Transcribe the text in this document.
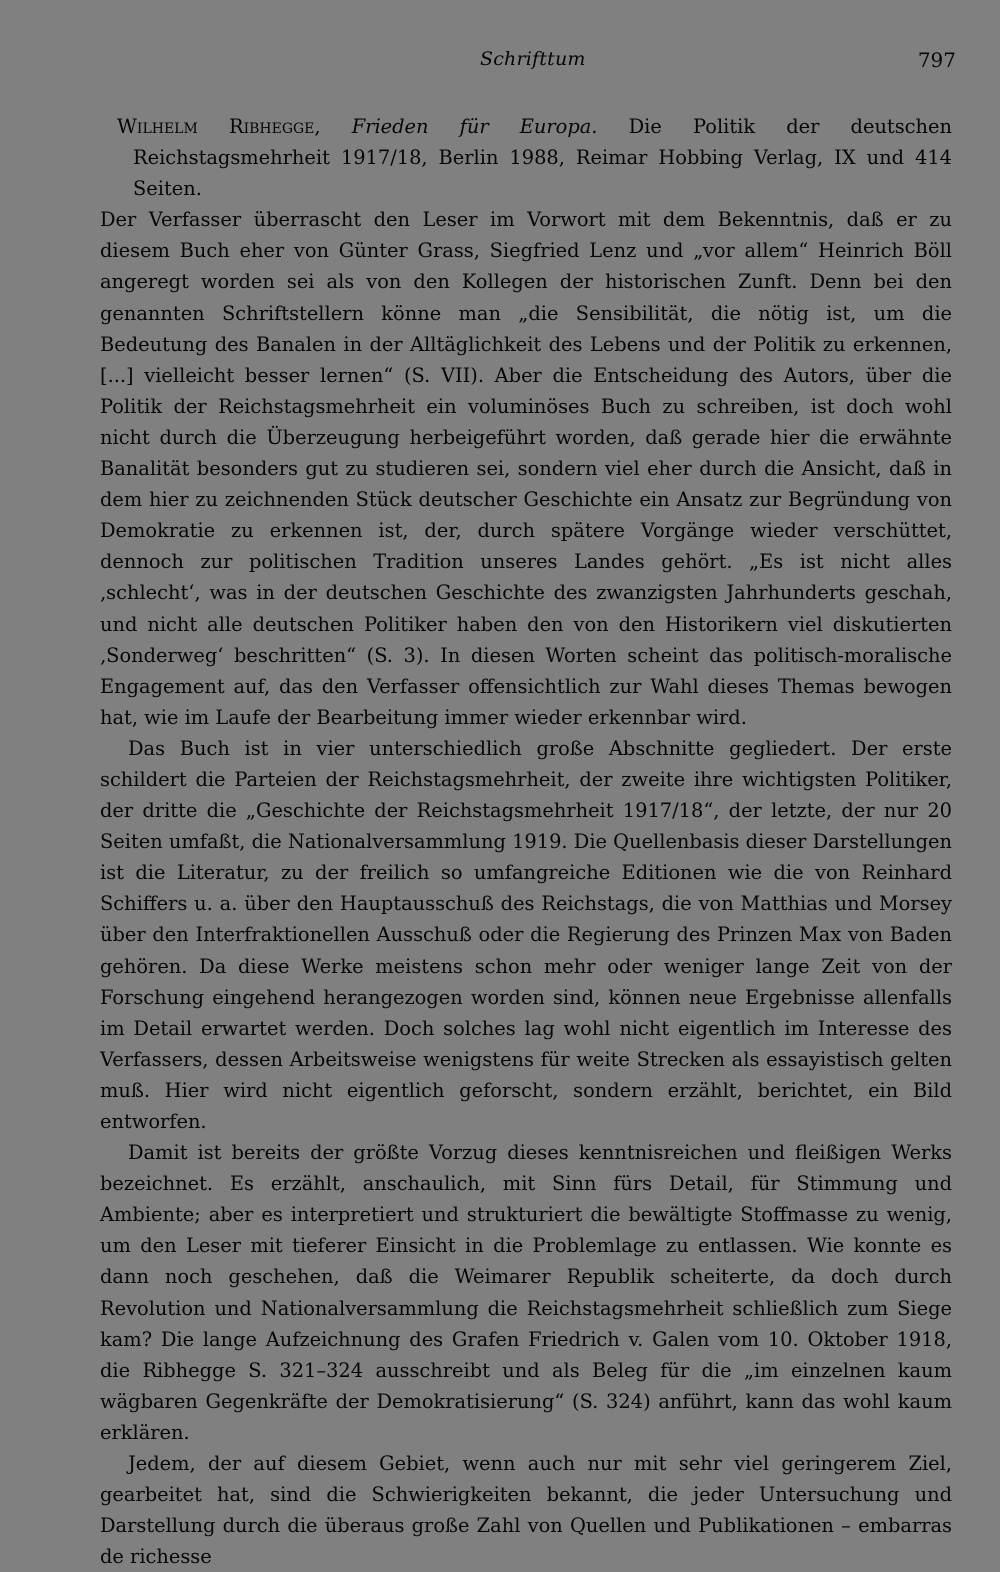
Schrifttum	797

Wilhelm Ribhegge, Frieden für Europa. Die Politik der deutschen Reichstagsmehrheit 1917/18, Berlin 1988, Reimar Hobbing Verlag, IX und 414 Seiten.

Der Verfasser überrascht den Leser im Vorwort mit dem Bekenntnis, daß er zu diesem Buch eher von Günter Grass, Siegfried Lenz und „vor allem“ Heinrich Böll angeregt worden sei als von den Kollegen der historischen Zunft. Denn bei den genannten Schriftstellern könne man „die Sensibilität, die nötig ist, um die Bedeutung des Banalen in der Alltäglichkeit des Lebens und der Politik zu erkennen, [...] vielleicht besser lernen“ (S. VII). Aber die Entscheidung des Autors, über die Politik der Reichstagsmehrheit ein voluminöses Buch zu schreiben, ist doch wohl nicht durch die Überzeugung herbeigeführt worden, daß gerade hier die erwähnte Banalität besonders gut zu studieren sei, sondern viel eher durch die Ansicht, daß in dem hier zu zeichnenden Stück deutscher Geschichte ein Ansatz zur Begründung von Demokratie zu erkennen ist, der, durch spätere Vorgänge wieder verschüttet, dennoch zur politischen Tradition unseres Landes gehört. „Es ist nicht alles ‚schlecht‘, was in der deutschen Geschichte des zwanzigsten Jahrhunderts geschah, und nicht alle deutschen Politiker haben den von den Historikern viel diskutierten ‚Sonderweg‘ beschritten“ (S. 3). In diesen Worten scheint das politisch-moralische Engagement auf, das den Verfasser offensichtlich zur Wahl dieses Themas bewogen hat, wie im Laufe der Bearbeitung immer wieder erkennbar wird.

Das Buch ist in vier unterschiedlich große Abschnitte gegliedert. Der erste schildert die Parteien der Reichstagsmehrheit, der zweite ihre wichtigsten Politiker, der dritte die „Geschichte der Reichstagsmehrheit 1917/18“, der letzte, der nur 20 Seiten umfaßt, die Nationalversammlung 1919. Die Quellenbasis dieser Darstellungen ist die Literatur, zu der freilich so umfangreiche Editionen wie die von Reinhard Schiffers u. a. über den Hauptausschuß des Reichstags, die von Matthias und Morsey über den Interfraktionellen Ausschuß oder die Regierung des Prinzen Max von Baden gehören. Da diese Werke meistens schon mehr oder weniger lange Zeit von der Forschung eingehend herangezogen worden sind, können neue Ergebnisse allenfalls im Detail erwartet werden. Doch solches lag wohl nicht eigentlich im Interesse des Verfassers, dessen Arbeitsweise wenigstens für weite Strecken als essayistisch gelten muß. Hier wird nicht eigentlich geforscht, sondern erzählt, berichtet, ein Bild entworfen.

Damit ist bereits der größte Vorzug dieses kenntnisreichen und fleißigen Werks bezeichnet. Es erzählt, anschaulich, mit Sinn fürs Detail, für Stimmung und Ambiente; aber es interpretiert und strukturiert die bewältigte Stoffmasse zu wenig, um den Leser mit tieferer Einsicht in die Problemlage zu entlassen. Wie konnte es dann noch geschehen, daß die Weimarer Republik scheiterte, da doch durch Revolution und Nationalversammlung die Reichstagsmehrheit schließlich zum Siege kam? Die lange Aufzeichnung des Grafen Friedrich v. Galen vom 10. Oktober 1918, die Ribhegge S. 321–324 ausschreibt und als Beleg für die „im einzelnen kaum wägbaren Gegenkräfte der Demokratisierung“ (S. 324) anführt, kann das wohl kaum erklären.

Jedem, der auf diesem Gebiet, wenn auch nur mit sehr viel geringerem Ziel, gearbeitet hat, sind die Schwierigkeiten bekannt, die jeder Untersuchung und Darstellung durch die überaus große Zahl von Quellen und Publikationen – embarras de richesse
